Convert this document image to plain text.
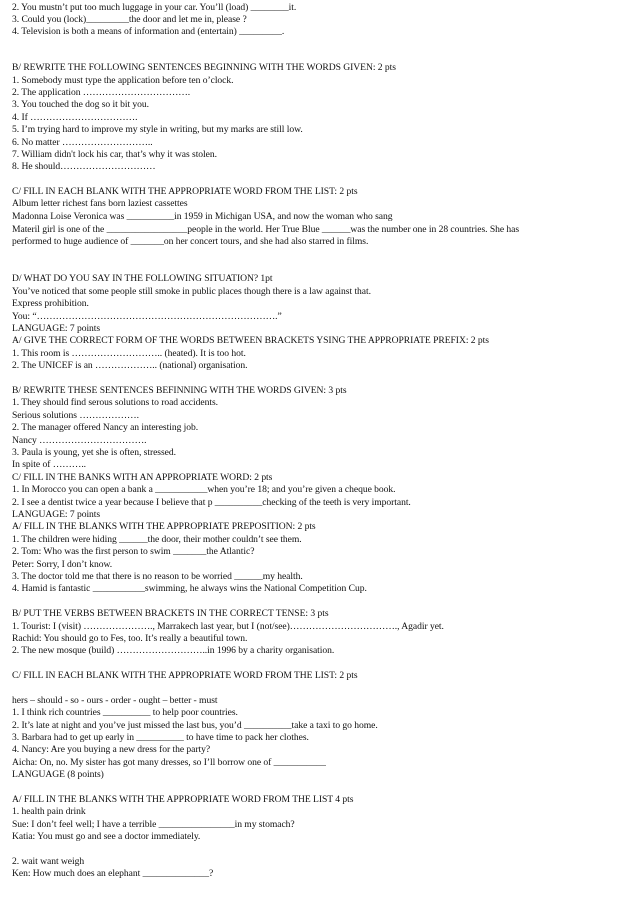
2. You mustn’t put too much luggage in your car. You’ll (load) ________it.
3. Could you (lock)_________the door and let me in, please ?
4. Television is both a means of information and (entertain) _________.
B/ REWRITE THE FOLLOWING SENTENCES BEGINNING WITH THE WORDS GIVEN: 2 pts
1. Somebody must type the application before ten o’clock.
2. The application …………………………….
3. You touched the dog so it bit you.
4. If …………………………….
5. I’m trying hard to improve my style in writing, but my marks are still low.
6. No matter ………………………..
7. William didn't lock his car, that’s why it was stolen.
8. He should…………………………
C/ FILL IN EACH BLANK WITH THE APPROPRIATE WORD FROM THE LIST: 2 pts
Album letter richest fans born laziest cassettes
Madonna Loise Veronica was __________in 1959 in Michigan USA, and now the woman who sang
Materil girl is one of the _________________people in the world. Her True Blue ______was the number one in 28 countries. She has
performed to huge audience of _______on her concert tours, and she had also starred in films.
D/ WHAT DO YOU SAY IN THE FOLLOWING SITUATION? 1pt
You’ve noticed that some people still smoke in public places though there is a law against that.
Express prohibition.
You: “………………………………………………………………….”
LANGUAGE: 7 points
A/ GIVE THE CORRECT FORM OF THE WORDS BETWEEN BRACKETS YSING THE APPROPRIATE PREFIX: 2 pts
1. This room is ……………………….. (heated). It is too hot.
2. The UNICEF is an ……………….. (national) organisation.
B/ REWRITE THESE SENTENCES BEFINNING WITH THE WORDS GIVEN: 3 pts
1. They should find serous solutions to road accidents.
Serious solutions ……………….
2. The manager offered Nancy an interesting job.
Nancy …………………………….
3. Paula is young, yet she is often, stressed.
In spite of ………..
C/ FILL IN THE BANKS WITH AN APPROPRIATE WORD: 2 pts
1. In Morocco you can open a bank a ___________when you’re 18; and you’re given a cheque book.
2. I see a dentist twice a year because I believe that p __________checking of the teeth is very important.
LANGUAGE: 7 points
A/ FILL IN THE BLANKS WITH THE APPROPRIATE PREPOSITION: 2 pts
1. The children were hiding ______the door, their mother couldn’t see them.
2. Tom: Who was the first person to swim _______the Atlantic?
Peter: Sorry, I don’t know.
3. The doctor told me that there is no reason to be worried ______my health.
4. Hamid is fantastic ___________swimming, he always wins the National Competition Cup.
B/ PUT THE VERBS BETWEEN BRACKETS IN THE CORRECT TENSE: 3 pts
1. Tourist: I (visit) …………………., Marrakech last year, but I (not/see)……………………………., Agadir yet.
Rachid: You should go to Fes, too. It’s really a beautiful town.
2. The new mosque (build) ………………………..in 1996 by a charity organisation.
C/ FILL IN EACH BLANK WITH THE APPROPRIATE WORD FROM THE LIST: 2 pts
hers – should - so - ours - order - ought – better - must
1. I think rich countries __________ to help poor countries.
2. It’s late at night and you’ve just missed the last bus, you’d __________take a taxi to go home.
3. Barbara had to get up early in __________ to have time to pack her clothes.
4. Nancy: Are you buying a new dress for the party?
Aicha: On, no. My sister has got many dresses, so I’ll borrow one of ___________
LANGUAGE (8 points)
A/ FILL IN THE BLANKS WITH THE APPROPRIATE WORD FROM THE LIST 4 pts
1. health pain drink
Sue: I don’t feel well; I have a terrible ________________in my stomach?
Katia: You must go and see a doctor immediately.
2. wait want weigh
Ken: How much does an elephant ______________?
